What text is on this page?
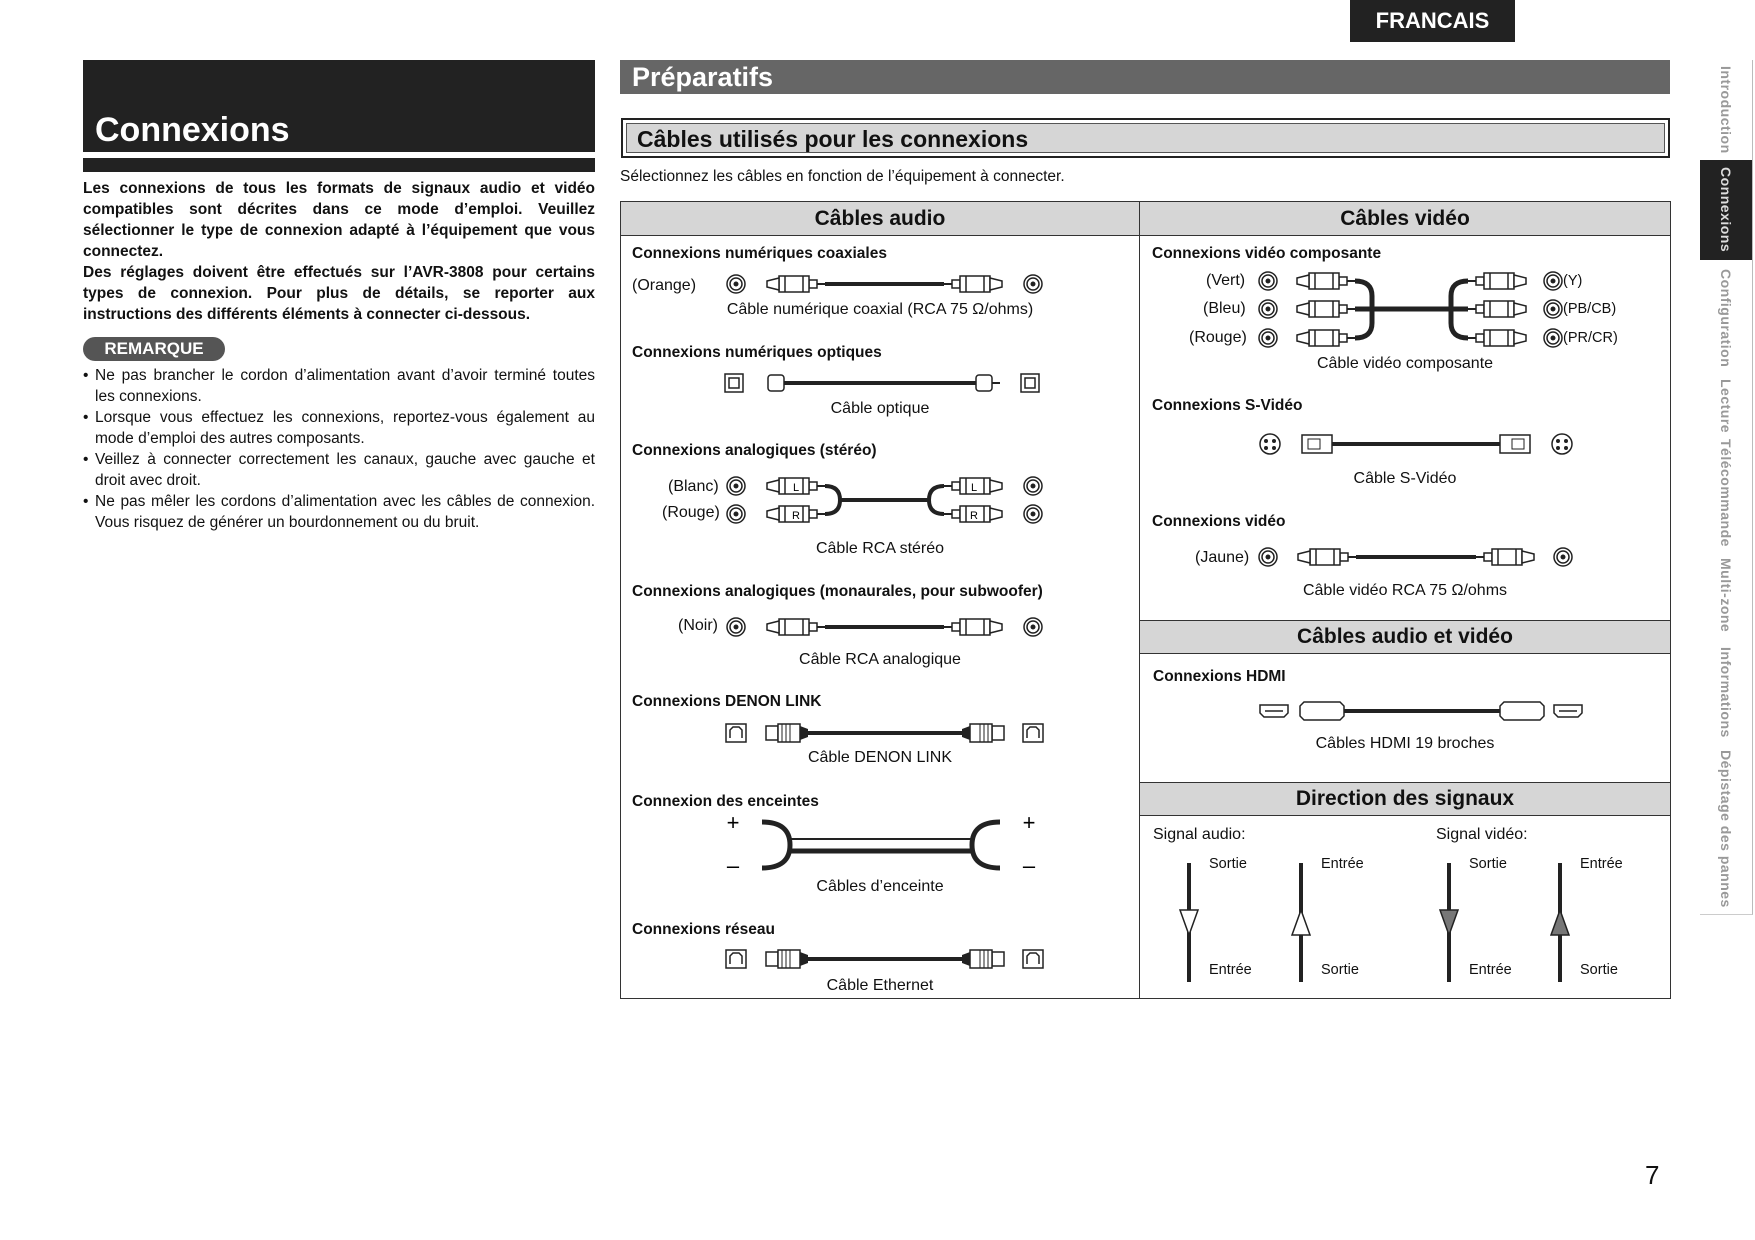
FRANCAIS
Introduction
Connexions
Configuration
Lecture
Télécommande
Multi-zone
Informations
Dépistage des pannes
Connexions

Les connexions de tous les formats de signaux audio et vidéo compatibles sont décrites dans ce mode d’emploi. Veuillez sélectionner le type de connexion adapté à l’équipement que vous connectez.

Des réglages doivent être effectués sur l’AVR-3808 pour certains types de connexion. Pour plus de détails, se reporter aux instructions des différents éléments à connecter ci-dessous.

REMARQUE
• Ne pas brancher le cordon d’alimentation avant d’avoir terminé toutes les connexions.
• Lorsque vous effectuez les connexions, reportez-vous également au mode d’emploi des autres composants.
• Veillez à connecter correctement les canaux, gauche avec gauche et droit avec droit.
• Ne pas mêler les cordons d’alimentation avec les câbles de connexion. Vous risquez de générer un bourdonnement ou du bruit.
Préparatifs
Câbles utilisés pour les connexions
Sélectionnez les câbles en fonction de l’équipement à connecter.
Câbles audio	Câbles vidéo
Câbles audio et vidéo
Direction des signaux
Connexions numériques coaxiales
(Orange)
Câble numérique coaxial (RCA 75 Ω/ohms)
Connexions numériques optiques
Câble optique
Connexions analogiques (stéréo)
(Blanc)
(Rouge)
Câble RCA stéréo
Connexions analogiques (monaurales, pour subwoofer)
(Noir)
Câble RCA analogique
Connexions DENON LINK
Câble DENON LINK
Connexion des enceintes
Câbles d’enceinte
Connexions réseau
Câble Ethernet
Connexions vidéo composante
(Vert)
(Bleu)
(Rouge)
(Y)
(PB/CB)
(PR/CR)
Câble vidéo composante
Connexions S-Vidéo
Câble S-Vidéo
Connexions vidéo
(Jaune)
Câble vidéo RCA 75 Ω/ohms
Connexions HDMI
Câbles HDMI 19 broches
Signal audio:	Signal vidéo:
Sortie
Entrée
Entrée
Sortie
Sortie
Entrée
Entrée
Sortie
L
R
L
R
+
–
+
–
7
